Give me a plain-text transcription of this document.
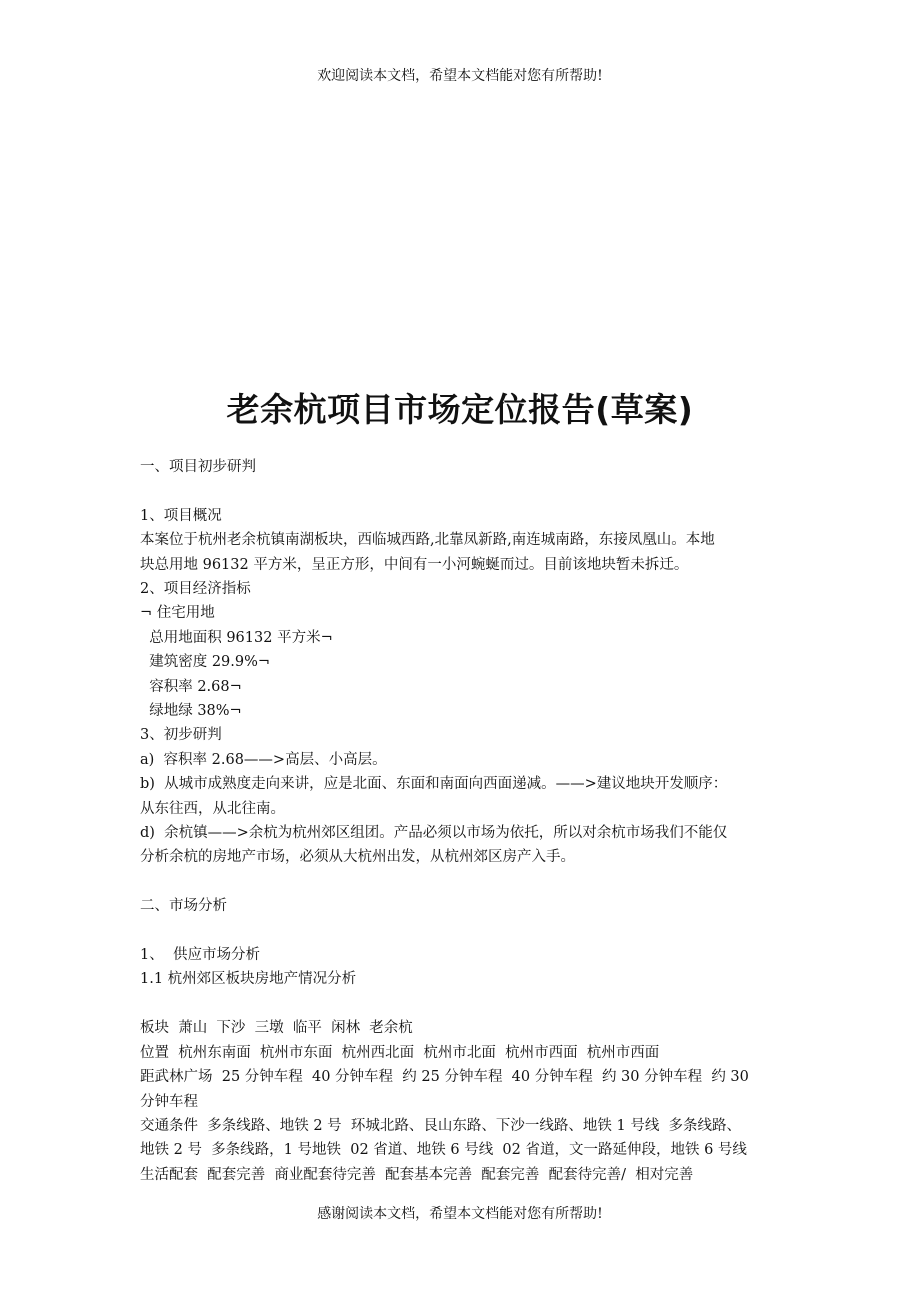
欢迎阅读本文档，希望本文档能对您有所帮助!
老余杭项目市场定位报告(草案)

一、项目初步研判

1、项目概况

本案位于杭州老余杭镇南湖板块，西临城西路,北靠凤新路,南连城南路，东接凤凰山。本地

块总用地 96132 平方米，呈正方形，中间有一小河蜿蜒而过。目前该地块暂未拆迁。

2、项目经济指标

¬ 住宅用地

总用地面积 96132 平方米¬

建筑密度 29.9%¬

容积率 2.68¬

绿地绿 38%¬

3、初步研判

a)  容积率 2.68——>高层、小高层。

b)  从城市成熟度走向来讲，应是北面、东面和南面向西面递减。——>建议地块开发顺序：

从东往西，从北往南。

d)  余杭镇——>余杭为杭州郊区组团。产品必须以市场为依托，所以对余杭市场我们不能仅

分析余杭的房地产市场，必须从大杭州出发，从杭州郊区房产入手。

二、市场分析

1、  供应市场分析

1.1 杭州郊区板块房地产情况分析

板块  萧山  下沙  三墩  临平  闲林  老余杭

位置  杭州东南面  杭州市东面  杭州西北面  杭州市北面  杭州市西面  杭州市西面

距武林广场  25 分钟车程  40 分钟车程  约 25 分钟车程  40 分钟车程  约 30 分钟车程  约 30

分钟车程

交通条件  多条线路、地铁 2 号  环城北路、艮山东路、下沙一线路、地铁 1 号线  多条线路、

地铁 2 号  多条线路，1 号地铁  02 省道、地铁 6 号线  02 省道，文一路延伸段，地铁 6 号线

生活配套  配套完善  商业配套待完善  配套基本完善  配套完善  配套待完善/  相对完善

感谢阅读本文档，希望本文档能对您有所帮助!
